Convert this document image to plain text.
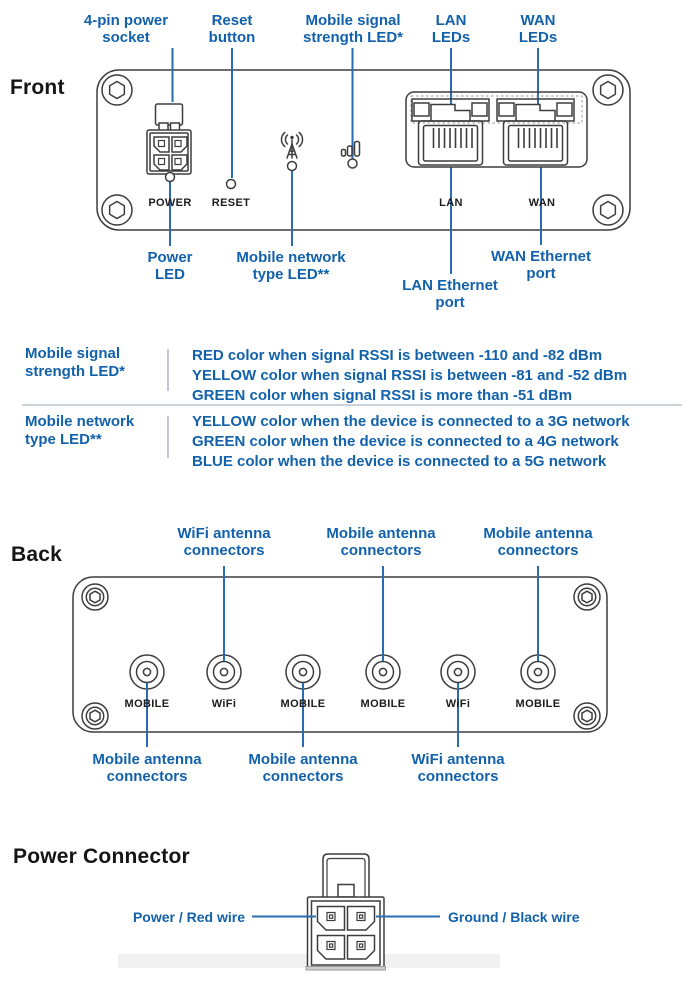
Front
4-pin power
socket
Reset
button
Mobile signal
strength LED*
LAN
LEDs
WAN
LEDs
Power
LED
Mobile network
type LED**
LAN Ethernet
port
WAN Ethernet
port
POWER RESET	LAN	WAN
Mobile signal
strength LED*
RED color when signal RSSI is between -110 and -82 dBm
YELLOW color when signal RSSI is between -81 and -52 dBm
GREEN color when signal RSSI is more than -51 dBm
Mobile network
type LED**
YELLOW color when the device is connected to a 3G network
GREEN color when the device is connected to a 4G network
BLUE color when the device is connected to a 5G network
Back
WiFi antenna
connectors
Mobile antenna
connectors
Mobile antenna
connectors
Mobile antenna
connectors
Mobile antenna
connectors
WiFi antenna
connectors
MOBILE	WiFi	MOBILE	MOBILE	WiFi	MOBILE
Power Connector
Power / Red wire	Ground / Black wire
